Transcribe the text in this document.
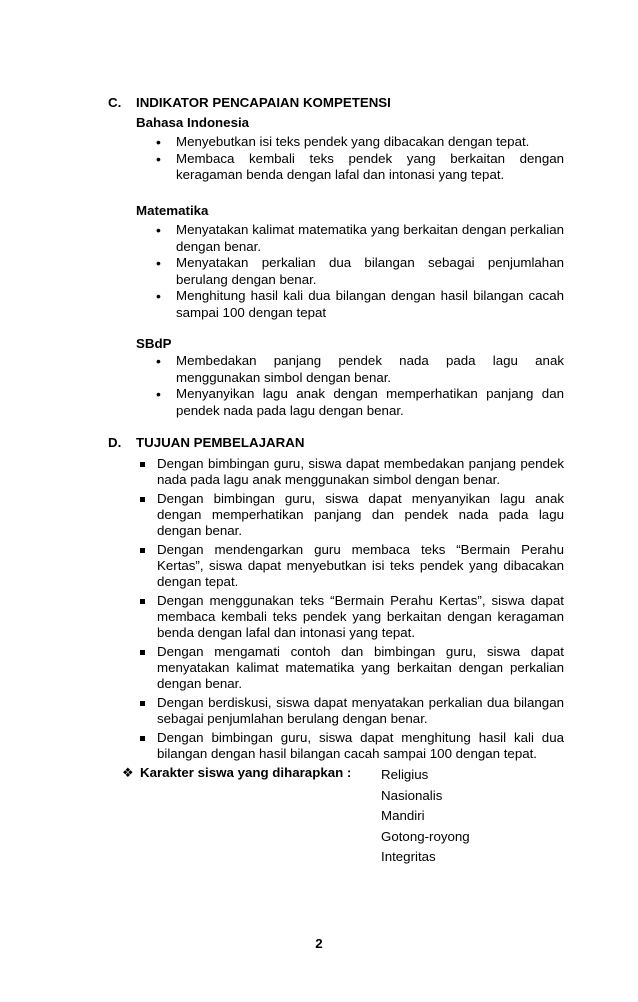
C. INDIKATOR PENCAPAIAN KOMPETENSI
Bahasa Indonesia
• Menyebutkan isi teks pendek yang dibacakan dengan tepat.
• Membaca kembali teks pendek yang berkaitan dengan keragaman benda dengan lafal dan intonasi yang tepat.
Matematika
• Menyatakan kalimat matematika yang berkaitan dengan perkalian dengan benar.
• Menyatakan perkalian dua bilangan sebagai penjumlahan berulang dengan benar.
• Menghitung hasil kali dua bilangan dengan hasil bilangan cacah sampai 100 dengan tepat
SBdP
• Membedakan panjang pendek nada pada lagu anak menggunakan simbol dengan benar.
• Menyanyikan lagu anak dengan memperhatikan panjang dan pendek nada pada lagu dengan benar.
D. TUJUAN PEMBELAJARAN
Dengan bimbingan guru, siswa dapat membedakan panjang pendek nada pada lagu anak menggunakan simbol dengan benar.
Dengan bimbingan guru, siswa dapat menyanyikan lagu anak dengan memperhatikan panjang dan pendek nada pada lagu dengan benar.
Dengan mendengarkan guru membaca teks “Bermain Perahu Kertas”, siswa dapat menyebutkan isi teks pendek yang dibacakan dengan tepat.
Dengan menggunakan teks “Bermain Perahu Kertas”, siswa dapat membaca kembali teks pendek yang berkaitan dengan keragaman benda dengan lafal dan intonasi yang tepat.
Dengan mengamati contoh dan bimbingan guru, siswa dapat menyatakan kalimat matematika yang berkaitan dengan perkalian dengan benar.
Dengan berdiskusi, siswa dapat menyatakan perkalian dua bilangan sebagai penjumlahan berulang dengan benar.
Dengan bimbingan guru, siswa dapat menghitung hasil kali dua bilangan dengan hasil bilangan cacah sampai 100 dengan tepat.
❖ Karakter siswa yang diharapkan : Religius
Nasionalis
Mandiri
Gotong-royong
Integritas
2
